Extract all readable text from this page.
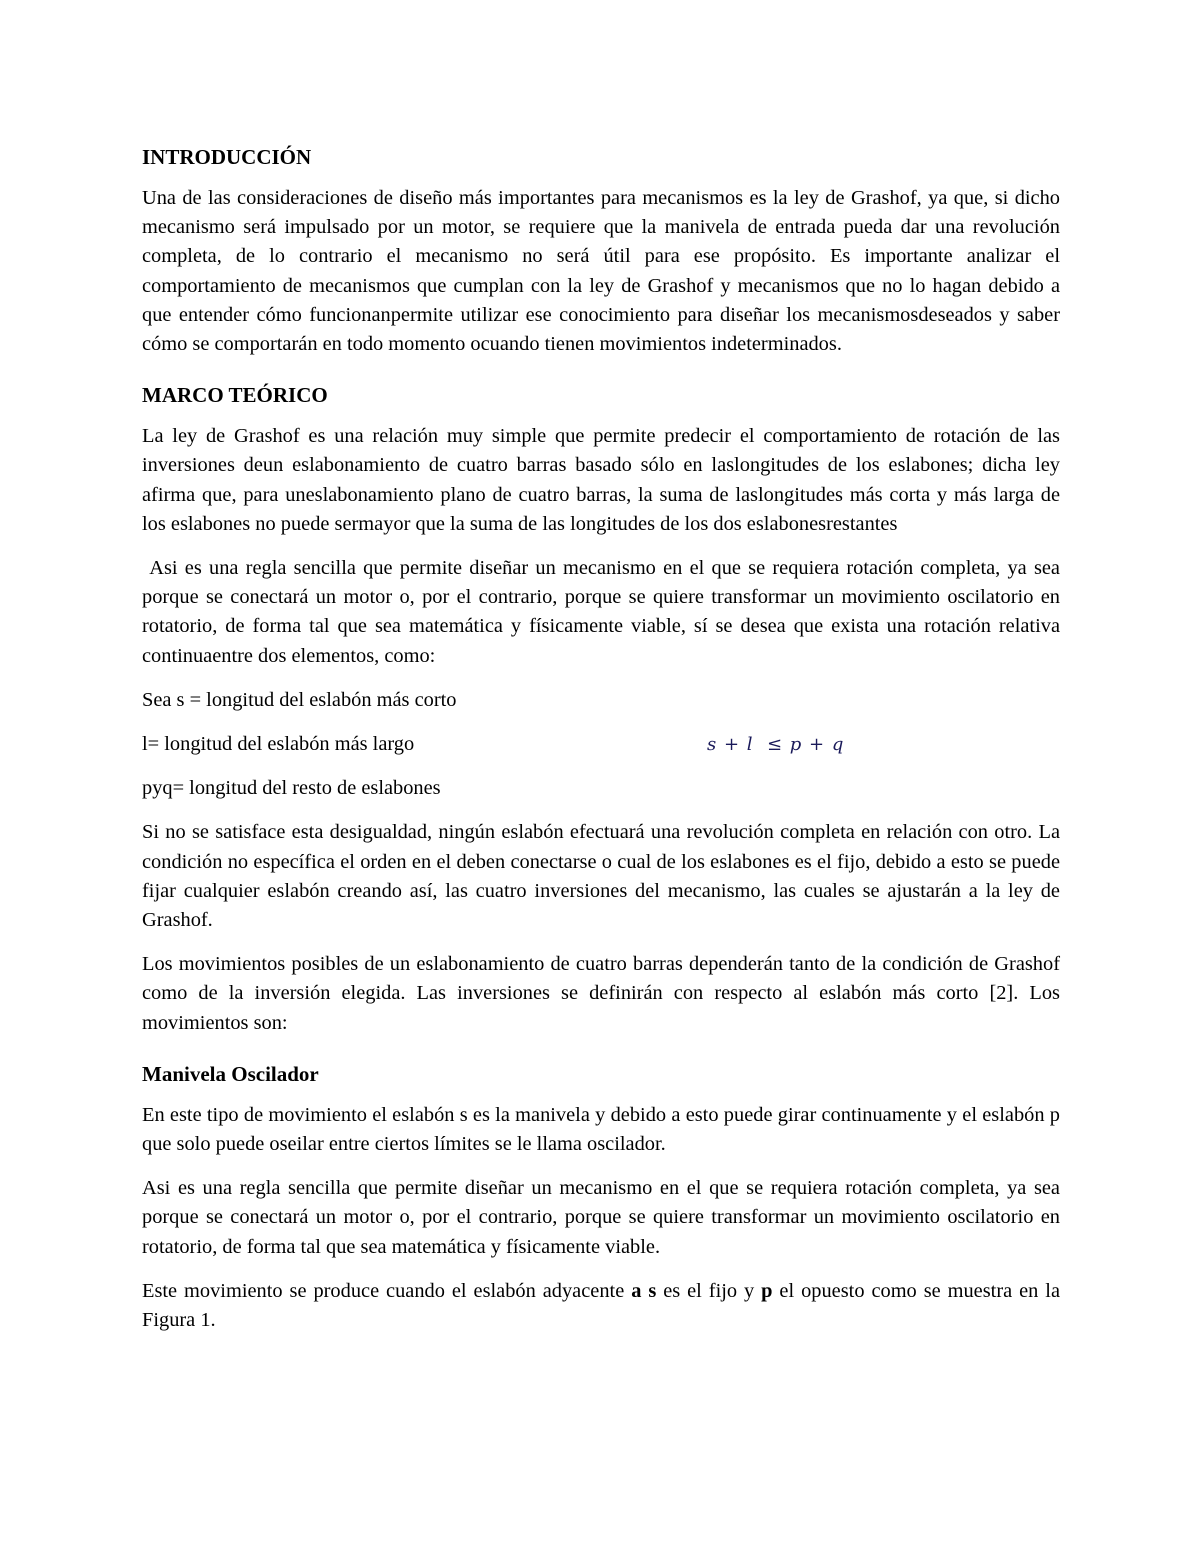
INTRODUCCIÓN

Una de las consideraciones de diseño más importantes para mecanismos es la ley de Grashof, ya que, si dicho mecanismo será impulsado por un motor, se requiere que la manivela de entrada pueda dar una revolución completa, de lo contrario el mecanismo no será útil para ese propósito. Es importante analizar el comportamiento de mecanismos que cumplan con la ley de Grashof y mecanismos que no lo hagan debido a que entender cómo funcionanpermite utilizar ese conocimiento para diseñar los mecanismosdeseados y saber cómo se comportarán en todo momento ocuando tienen movimientos indeterminados.

MARCO TEÓRICO

La ley de Grashof es una relación muy simple que permite predecir el comportamiento de rotación de las inversiones deun eslabonamiento de cuatro barras basado sólo en laslongitudes de los eslabones; dicha ley afirma que, para uneslabonamiento plano de cuatro barras, la suma de laslongitudes más corta y más larga de los eslabones no puede sermayor que la suma de las longitudes de los dos eslabonesrestantes

Asi es una regla sencilla que permite diseñar un mecanismo en el que se requiera rotación completa, ya sea porque se conectará un motor o, por el contrario, porque se quiere transformar un movimiento oscilatorio en rotatorio, de forma tal que sea matemática y físicamente viable, sí se desea que exista una rotación relativa continuaentre dos elementos, como:

Sea s = longitud del eslabón más corto
l= longitud del eslabón más largo	s + l  ≤ p + q
pyq= longitud del resto de eslabones

Si no se satisface esta desigualdad, ningún eslabón efectuará una revolución completa en relación con otro. La condición no específica el orden en el deben conectarse o cual de los eslabones es el fijo, debido a esto se puede fijar cualquier eslabón creando así, las cuatro inversiones del mecanismo, las cuales se ajustarán a la ley de Grashof.

Los movimientos posibles de un eslabonamiento de cuatro barras dependerán tanto de la condición de Grashof como de la inversión elegida. Las inversiones se definirán con respecto al eslabón más corto [2]. Los movimientos son:

Manivela Oscilador

En este tipo de movimiento el eslabón s es la manivela y debido a esto puede girar continuamente y el eslabón p que solo puede oseilar entre ciertos límites se le llama oscilador.

Asi es una regla sencilla que permite diseñar un mecanismo en el que se requiera rotación completa, ya sea porque se conectará un motor o, por el contrario, porque se quiere transformar un movimiento oscilatorio en rotatorio, de forma tal que sea matemática y físicamente viable.

Este movimiento se produce cuando el eslabón adyacente a s es el fijo y p el opuesto como se muestra en la Figura 1.
